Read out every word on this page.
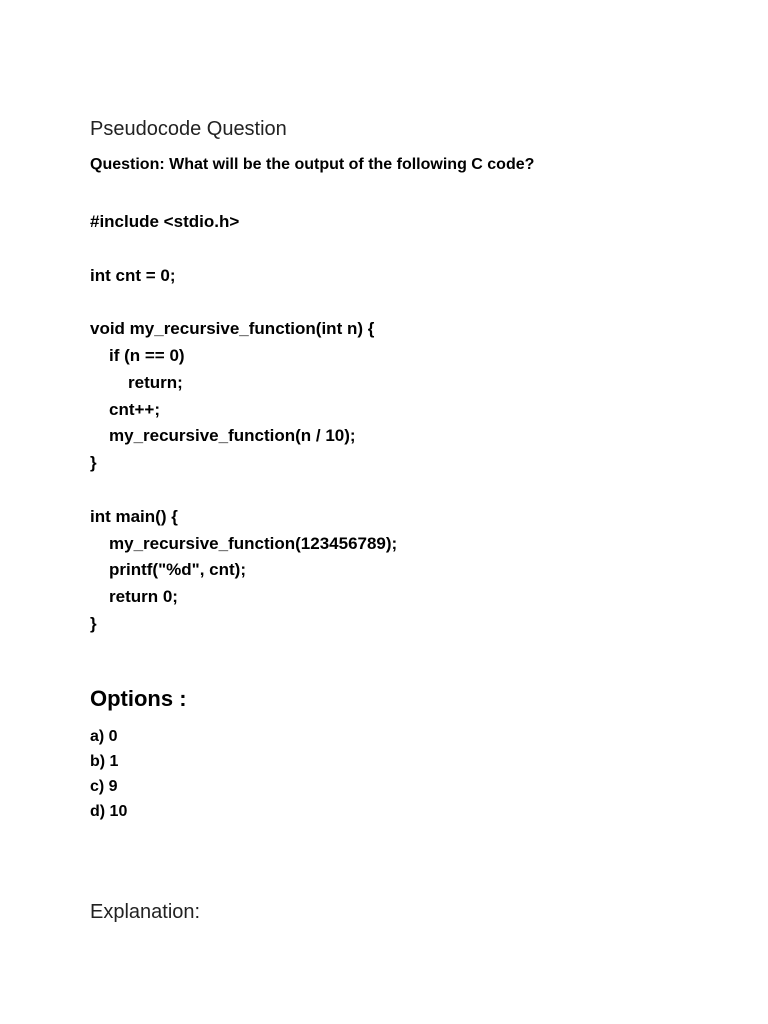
Pseudocode Question

Question: What will be the output of the following C code?

#include <stdio.h>
int cnt = 0;
void my_recursive_function(int n) {
if (n == 0)
return;
cnt++;
my_recursive_function(n / 10);
}
int main() {
my_recursive_function(123456789);
printf("%d", cnt);
return 0;
}
Options :
a) 0
b) 1
c) 9
d) 10
Explanation:
